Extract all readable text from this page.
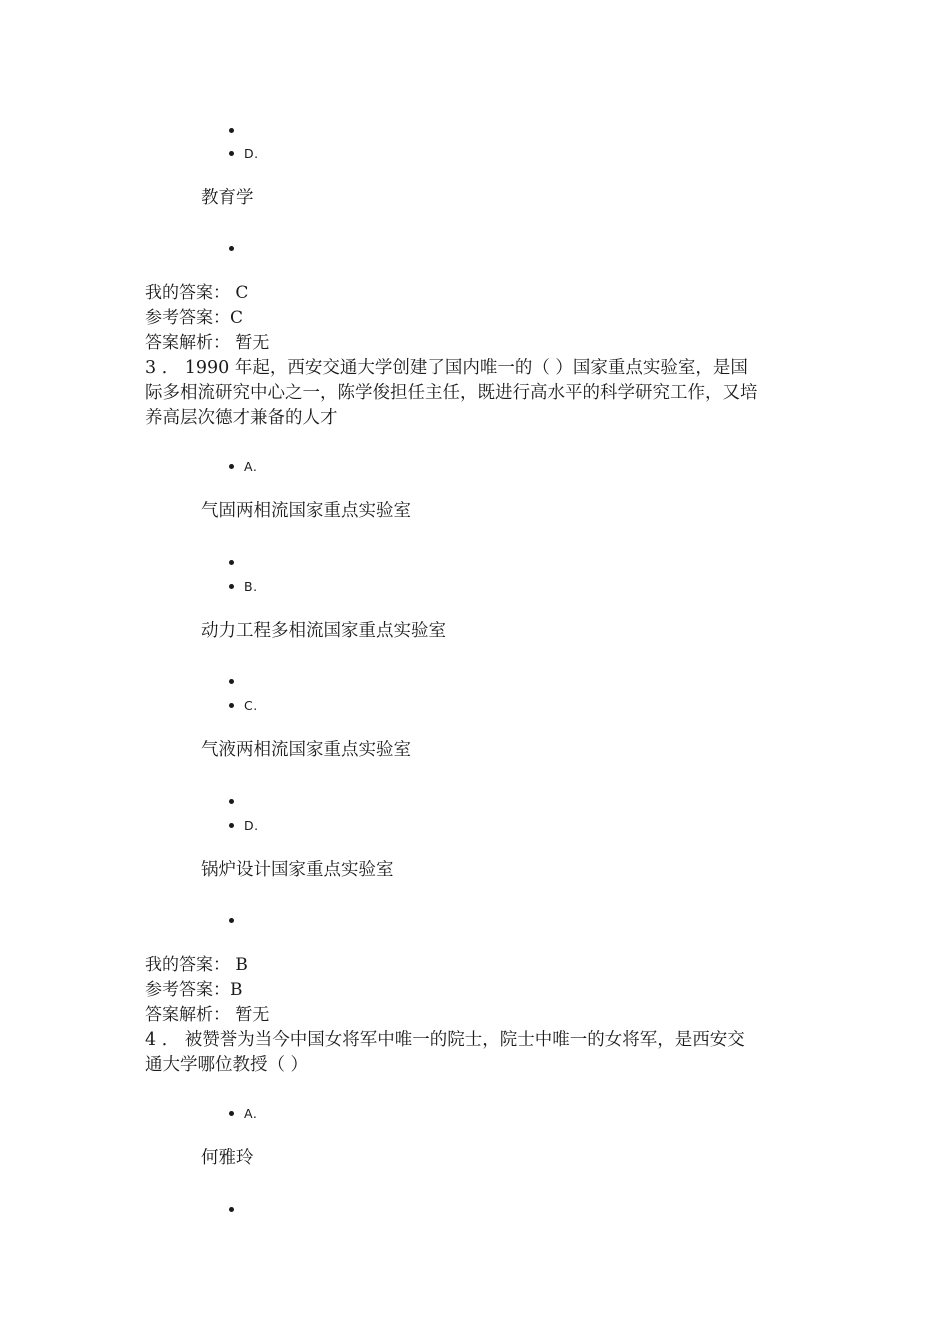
D.
教育学
我的答案： C
参考答案：C
答案解析： 暂无
3 ． 1990 年起，西安交通大学创建了国内唯一的（ ）国家重点实验室，是国
际多相流研究中心之一，陈学俊担任主任，既进行高水平的科学研究工作，又培
养高层次德才兼备的人才
A.
气固两相流国家重点实验室
B.
动力工程多相流国家重点实验室
C.
气液两相流国家重点实验室
D.
锅炉设计国家重点实验室
我的答案： B
参考答案：B
答案解析： 暂无
4 ． 被赞誉为当今中国女将军中唯一的院士，院士中唯一的女将军，是西安交
通大学哪位教授（ ）
A.
何雅玲
